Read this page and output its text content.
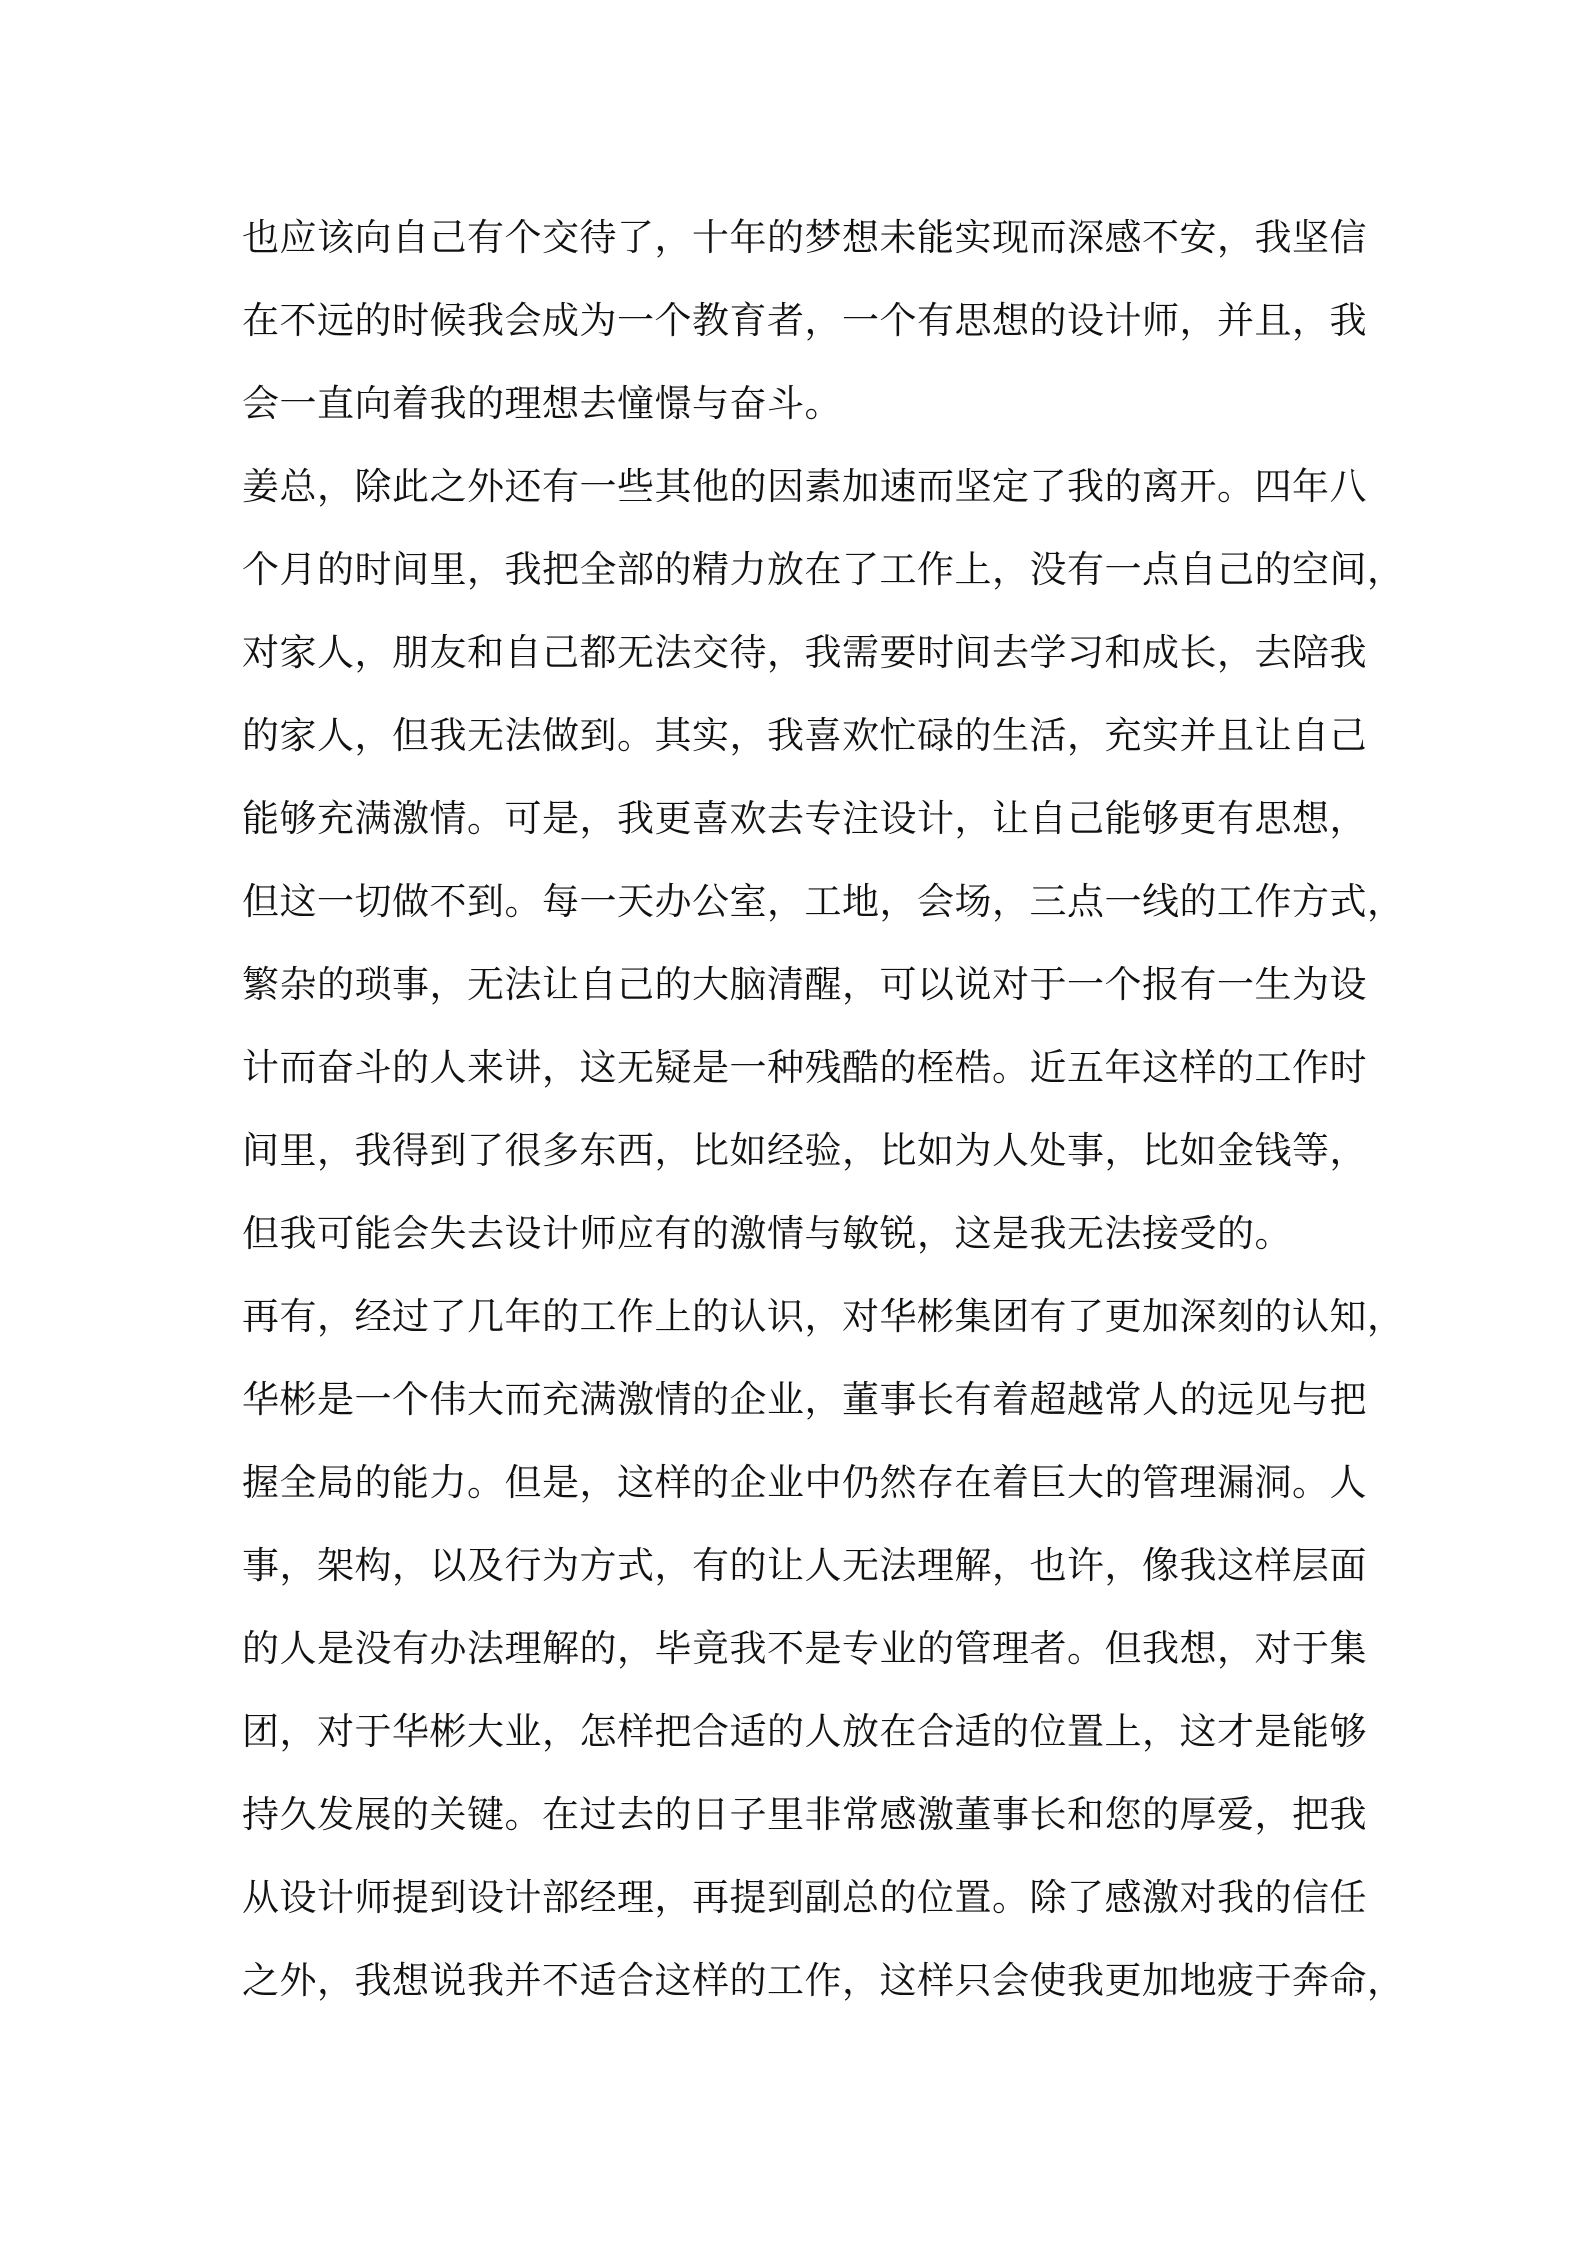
也应该向自己有个交待了，十年的梦想未能实现而深感不安，我坚信
在不远的时候我会成为一个教育者，一个有思想的设计师，并且，我
会一直向着我的理想去憧憬与奋斗。
姜总，除此之外还有一些其他的因素加速而坚定了我的离开。四年八
个月的时间里，我把全部的精力放在了工作上，没有一点自己的空间，
对家人，朋友和自己都无法交待，我需要时间去学习和成长，去陪我
的家人，但我无法做到。其实，我喜欢忙碌的生活，充实并且让自己
能够充满激情。可是，我更喜欢去专注设计，让自己能够更有思想，
但这一切做不到。每一天办公室，工地，会场，三点一线的工作方式，
繁杂的琐事，无法让自己的大脑清醒，可以说对于一个报有一生为设
计而奋斗的人来讲，这无疑是一种残酷的桎梏。近五年这样的工作时
间里，我得到了很多东西，比如经验，比如为人处事，比如金钱等，
但我可能会失去设计师应有的激情与敏锐，这是我无法接受的。
再有，经过了几年的工作上的认识，对华彬集团有了更加深刻的认知，
华彬是一个伟大而充满激情的企业，董事长有着超越常人的远见与把
握全局的能力。但是，这样的企业中仍然存在着巨大的管理漏洞。人
事，架构，以及行为方式，有的让人无法理解，也许，像我这样层面
的人是没有办法理解的，毕竟我不是专业的管理者。但我想，对于集
团，对于华彬大业，怎样把合适的人放在合适的位置上，这才是能够
持久发展的关键。在过去的日子里非常感激董事长和您的厚爱，把我
从设计师提到设计部经理，再提到副总的位置。除了感激对我的信任
之外，我想说我并不适合这样的工作，这样只会使我更加地疲于奔命，
